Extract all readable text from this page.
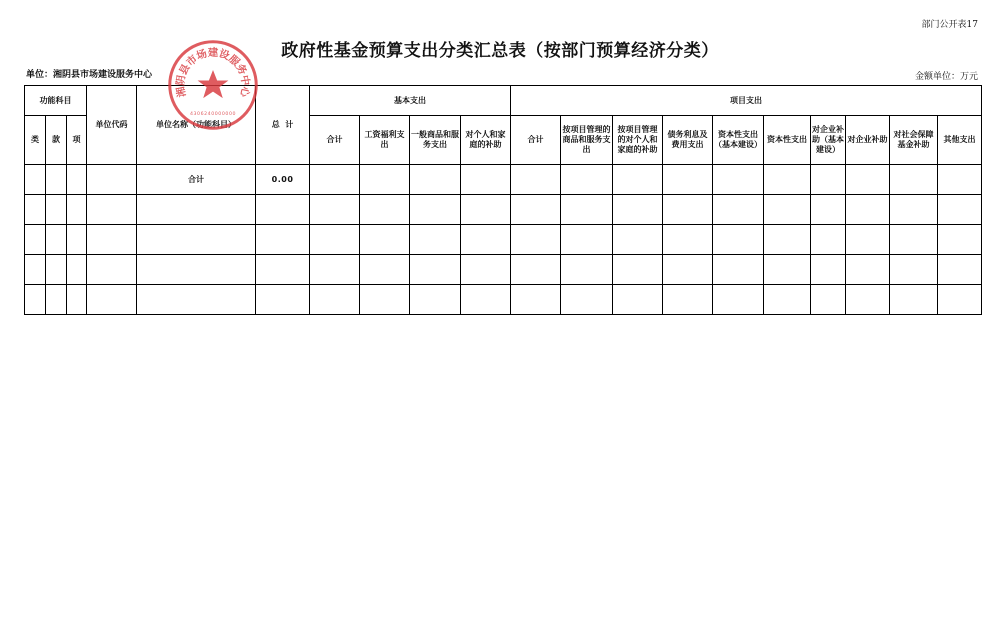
部门公开表17
政府性基金预算支出分类汇总表（按部门预算经济分类）
单位：湘阴县市场建设服务中心	金额单位：万元
功能科目			单位代码	单位名称（功能科目）	总  计	基本支出				项目支出									
类	款	项				合计	工资福利支出	一般商品和服务支出	对个人和家庭的补助	合计	按项目管理的商品和服务支出	按项目管理的对个人和家庭的补助	债务利息及费用支出	资本性支出（基本建设）	资本性支出	对企业补助（基本建设）	对企业补助	对社会保障基金补助	其他支出
				合计	0.00														

湘阴县市场建设服务中心
4306240000000
